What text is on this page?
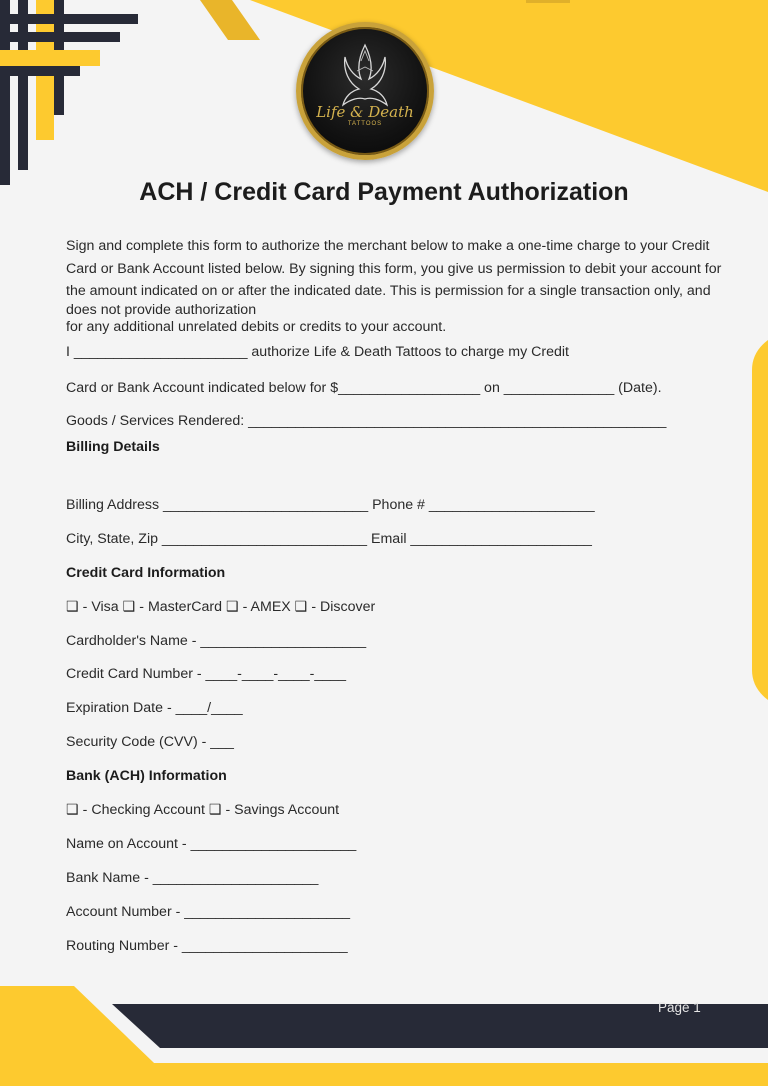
Life & Death
TATTOOS
ACH / Credit Card Payment Authorization
Sign and complete this form to authorize the merchant below to make a one-time charge to your Credit Card or Bank Account listed below. By signing this form, you give us permission to debit your account for the amount indicated on or after the indicated date. This is permission for a single transaction only, and
does not provide authorization
for any additional unrelated debits or credits to your account.
I ______________________ authorize Life & Death Tattoos to charge my Credit
Card or Bank Account indicated below for $__________________ on ______________ (Date).
Goods / Services Rendered: _____________________________________________________
Billing Details
Billing Address __________________________ Phone # _____________________
City, State, Zip __________________________ Email _______________________
Credit Card Information
❑ - Visa ❑ - MasterCard ❑ - AMEX ❑ - Discover
Cardholder's Name - _____________________
Credit Card Number - ____-____-____-____
Expiration Date - ____/____
Security Code (CVV) - ___
Bank (ACH) Information
❑ - Checking Account ❑ - Savings Account
Name on Account - _____________________
Bank Name - _____________________
Account Number - _____________________
Routing Number - _____________________
Page 1
